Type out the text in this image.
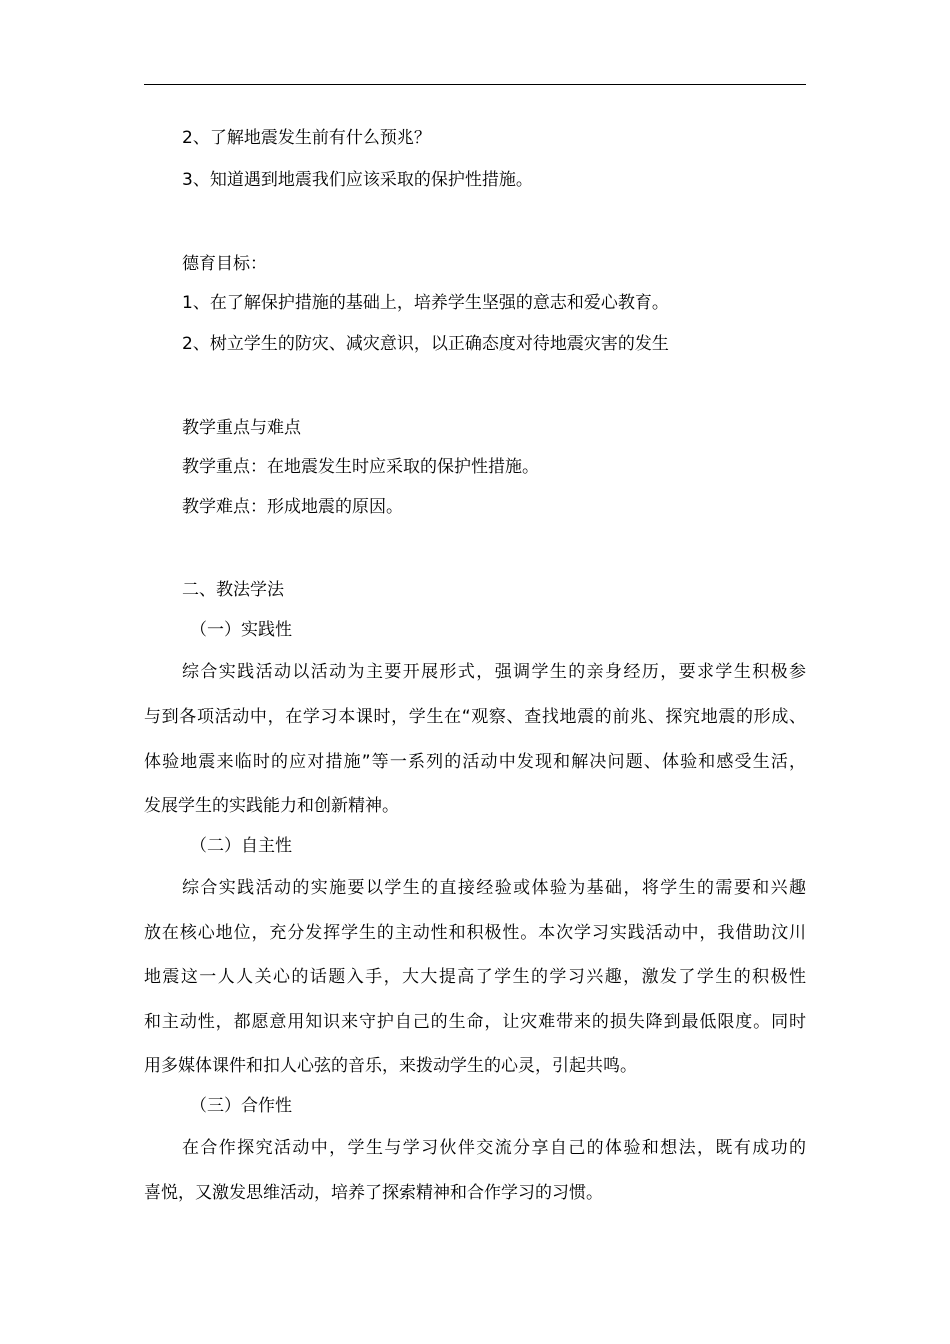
2、了解地震发生前有什么预兆？
3、知道遇到地震我们应该采取的保护性措施。
德育目标：
1、在了解保护措施的基础上，培养学生坚强的意志和爱心教育。
2、树立学生的防灾、减灾意识，以正确态度对待地震灾害的发生
教学重点与难点
教学重点：在地震发生时应采取的保护性措施。
教学难点：形成地震的原因。
二、教法学法
（一）实践性
综合实践活动以活动为主要开展形式，强调学生的亲身经历，要求学生积极参
与到各项活动中，在学习本课时，学生在“观察、查找地震的前兆、探究地震的形成、
体验地震来临时的应对措施”等一系列的活动中发现和解决问题、体验和感受生活，
发展学生的实践能力和创新精神。
（二）自主性
综合实践活动的实施要以学生的直接经验或体验为基础，将学生的需要和兴趣
放在核心地位，充分发挥学生的主动性和积极性。本次学习实践活动中，我借助汶川
地震这一人人关心的话题入手，大大提高了学生的学习兴趣，激发了学生的积极性
和主动性，都愿意用知识来守护自己的生命，让灾难带来的损失降到最低限度。同时
用多媒体课件和扣人心弦的音乐，来拨动学生的心灵，引起共鸣。
（三）合作性
在合作探究活动中，学生与学习伙伴交流分享自己的体验和想法，既有成功的
喜悦，又激发思维活动，培养了探索精神和合作学习的习惯。
